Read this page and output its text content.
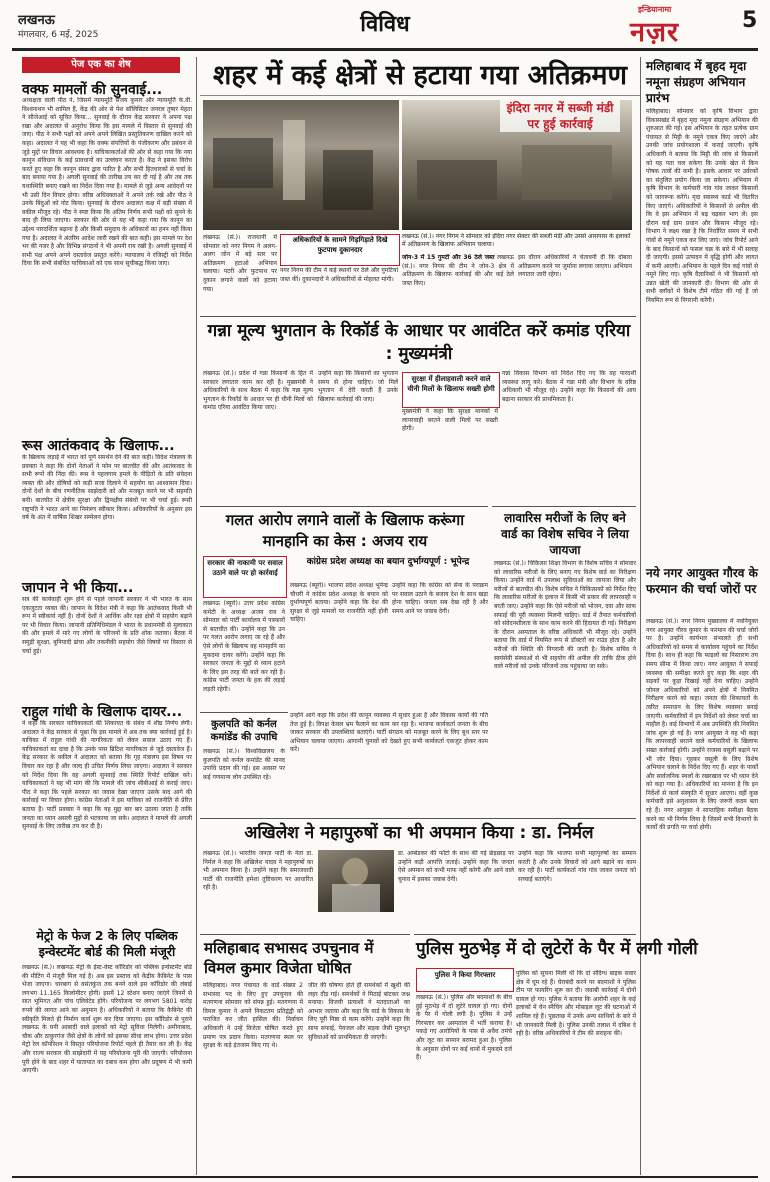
लखनऊ
मंगलवार, 6 मई, 2025	विविध
इन्डियानामा
नज़र	5
पेज एक का शेष
वक्फ मामलों की सुनवाई...
अध्यक्षता वाली पीठ ने, जिसमें न्यायमूर्ति संजय कुमार और न्यायमूर्ति के.वी. विश्वनाथन भी शामिल हैं, केंद्र की ओर से पेश सॉलिसिटर जनरल तुषार मेहता ने सीजेआई को सूचित किया... सुनवाई के दौरान केंद्र सरकार ने अपना पक्ष रखा और अदालत से अनुरोध किया कि इस मामले में विस्तार से सुनवाई की जाए। पीठ ने सभी पक्षों को अपने अपने लिखित प्रस्तुतिकरण दाखिल करने को कहा। अदालत ने यह भी कहा कि वक्फ संपत्तियों के पंजीकरण और प्रबंधन से जुड़े मुद्दों पर विचार आवश्यक है। याचिकाकर्ताओं की ओर से कहा गया कि नया कानून संविधान के कई प्रावधानों का उल्लंघन करता है। केंद्र ने इसका विरोध करते हुए कहा कि कानून संसद द्वारा पारित है और सभी हितधारकों से चर्चा के बाद बनाया गया है। अगली सुनवाई की तारीख तय कर दी गई है और तब तक यथास्थिति बनाए रखने का निर्देश दिया गया है। मामले से जुड़े अन्य आवेदनों पर भी उसी दिन विचार होगा। वरिष्ठ अधिवक्ताओं ने अपने तर्क रखे और पीठ ने उनके बिंदुओं को नोट किया। सुनवाई के दौरान अदालत कक्ष में बड़ी संख्या में वकील मौजूद रहे। पीठ ने स्पष्ट किया कि अंतिम निर्णय सभी पक्षों को सुनने के बाद ही लिया जाएगा। सरकार की ओर से यह भी कहा गया कि कानून का उद्देश्य पारदर्शिता बढ़ाना है और किसी समुदाय के अधिकारों का हनन नहीं किया गया है। अदालत ने अंतरिम आदेश जारी रखने की बात कही। इस मामले पर देश भर की नजर है और विभिन्न संगठनों ने भी अपनी राय रखी है। अगली सुनवाई में सभी पक्ष अपने अपने दस्तावेज प्रस्तुत करेंगे। न्यायालय ने रजिस्ट्री को निर्देश दिया कि सभी संबंधित याचिकाओं को एक साथ सूचीबद्ध किया जाए।
रूस आतंकवाद के खिलाफ...
के खिलाफ लड़ाई में भारत को पूर्ण समर्थन देने की बात कही। विदेश मंत्रालय के प्रवक्ता ने कहा कि दोनों नेताओं ने फोन पर बातचीत की और आतंकवाद के सभी रूपों की निंदा की। रूस ने पहलगाम हमले के पीड़ितों के प्रति संवेदना व्यक्त की और दोषियों को कड़ी सजा दिलाने में सहयोग का आश्वासन दिया। दोनों देशों के बीच रणनीतिक साझेदारी को और मजबूत करने पर भी सहमति बनी। बातचीत में क्षेत्रीय सुरक्षा और द्विपक्षीय संबंधों पर भी चर्चा हुई। रूसी राष्ट्रपति ने भारत आने का निमंत्रण स्वीकार किया। अधिकारियों के अनुसार इस वर्ष के अंत में वार्षिक शिखर सम्मेलन होगा।
जापान ने भी किया...
सत्र की कार्यवाही शुरू होने से पहले जापानी सरकार ने भी भारत के साथ एकजुटता व्यक्त की। जापान के विदेश मंत्री ने कहा कि आतंकवाद किसी भी रूप में स्वीकार्य नहीं है। दोनों देशों ने आर्थिक और रक्षा क्षेत्रों में सहयोग बढ़ाने पर भी विचार किया। जापानी प्रतिनिधिमंडल ने भारत के प्रधानमंत्री से मुलाकात की और हमले में मारे गए लोगों के परिजनों के प्रति शोक जताया। बैठक में समुद्री सुरक्षा, बुनियादी ढांचा और तकनीकी सहयोग जैसे विषयों पर विस्तार से चर्चा हुई।
राहुल गांधी के खिलाफ दायर...
ने कहा कि सरकार याचिकाकर्ता की शिकायत के संबंध में शीघ्र निर्णय लेगी। अदालत ने केंद्र सरकार से पूछा कि इस मामले में अब तक क्या कार्रवाई हुई है। याचिका में राहुल गांधी की नागरिकता को लेकर सवाल उठाए गए हैं। याचिकाकर्ता का दावा है कि उनके पास ब्रिटिश नागरिकता से जुड़े दस्तावेज हैं। केंद्र सरकार के वकील ने अदालत को बताया कि गृह मंत्रालय इस विषय पर विचार कर रहा है और जल्द ही उचित निर्णय लिया जाएगा। अदालत ने सरकार को निर्देश दिया कि वह अगली सुनवाई तक स्थिति रिपोर्ट दाखिल करे। याचिकाकर्ता ने यह भी मांग की कि मामले की जांच सीबीआई से कराई जाए। पीठ ने कहा कि पहले सरकार का जवाब देखा जाएगा उसके बाद आगे की कार्रवाई पर विचार होगा। कांग्रेस नेताओं ने इस याचिका को राजनीति से प्रेरित बताया है। पार्टी प्रवक्ता ने कहा कि यह मुद्दा बार बार उठाया जाता है ताकि जनता का ध्यान असली मुद्दों से भटकाया जा सके। अदालत ने मामले की अगली सुनवाई के लिए तारीख तय कर दी है।
मेट्रो के फेज 2 के लिए पब्लिक इन्वेस्टमेंट बोर्ड की मिली मंजूरी
लखनऊ (सं.)। लखनऊ मेट्रो के ईस्ट-वेस्ट कॉरिडोर को पब्लिक इन्वेस्टमेंट बोर्ड की मीटिंग में मंजूरी मिल गई है। अब इस प्रस्ताव को केंद्रीय कैबिनेट के पास भेजा जाएगा। चारबाग से वसंतकुंज तक बनने वाले इस कॉरिडोर की लंबाई लगभग 11.165 किलोमीटर होगी। इसमें 12 स्टेशन बनाए जाएंगे जिनमें से सात भूमिगत और पांच एलिवेटेड होंगे। परियोजना पर लगभग 5801 करोड़ रुपये की लागत आने का अनुमान है। अधिकारियों ने बताया कि कैबिनेट की स्वीकृति मिलते ही निर्माण कार्य शुरू कर दिया जाएगा। इस कॉरिडोर से पुराने लखनऊ के घनी आबादी वाले इलाकों को मेट्रो सुविधा मिलेगी। अमीनाबाद, चौक और ठाकुरगंज जैसे क्षेत्रों के लोगों को इसका सीधा लाभ होगा। उत्तर प्रदेश मेट्रो रेल कॉर्पोरेशन ने विस्तृत परियोजना रिपोर्ट पहले ही तैयार कर ली है। केंद्र और राज्य सरकार की साझेदारी में यह परियोजना पूरी की जाएगी। परियोजना पूरी होने के बाद शहर में यातायात का दबाव कम होगा और प्रदूषण में भी कमी आएगी।
शहर में कई क्षेत्रों से हटाया गया अतिक्रमण
इंदिरा नगर में सब्जी मंडी पर हुई कार्रवाई
लखनऊ (सं.)। नगर निगम ने सोमवार को इंदिरा नगर सेक्टर की सब्जी मंडी और उससे आसपास के इलाकों में अतिक्रमण के खिलाफ अभियान चलाया।
अधिकारियों के सामने गिड़गिड़ाते दिखे फुटपाथ दुकानदार
लखनऊ (सं.)। राजधानी में सोमवार को नगर निगम ने अलग-अलग जोन में बड़े स्तर पर अतिक्रमण हटाओ अभियान चलाया। पटरी और फुटपाथ पर दुकान लगाने वालों को हटाया गया।
नगर निगम की टीम ने कई स्थानों पर ठेले और गुमटियां जब्त कीं। दुकानदारों ने अधिकारियों से मोहलत मांगी।
जोन-3 में 15 गुमटी और 36 ठेले जब्त लखनऊ (सं.)। नगर निगम की टीम ने जोन-3 क्षेत्र में अतिक्रमण के खिलाफ कार्रवाई की और कई ठेले जब्त किए।
इस दौरान अधिकारियों ने चेतावनी दी कि दोबारा अतिक्रमण करने पर जुर्माना लगाया जाएगा। अभियान लगातार जारी रहेगा।
मलिहाबाद में बृहद मृदा नमूना संग्रहण अभियान प्रारंभ
मलिहाबाद। सोमवार को कृषि विभाग द्वारा विकासखंड में बृहद मृदा नमूना संग्रहण अभियान की शुरुआत की गई। इस अभियान के तहत प्रत्येक ग्राम पंचायत से मिट्टी के नमूने एकत्र किए जाएंगे और उनकी जांच प्रयोगशाला में कराई जाएगी। कृषि अधिकारी ने बताया कि मिट्टी की जांच से किसानों को यह पता चल सकेगा कि उनके खेत में किन पोषक तत्वों की कमी है। इसके आधार पर उर्वरकों का संतुलित प्रयोग किया जा सकेगा। अभियान में कृषि विभाग के कर्मचारी गांव गांव जाकर किसानों को जागरूक करेंगे। मृदा स्वास्थ्य कार्ड भी वितरित किए जाएंगे। अधिकारियों ने किसानों से अपील की कि वे इस अभियान में बढ़ चढ़कर भाग लें। इस दौरान कई ग्राम प्रधान और किसान मौजूद रहे। विभाग ने लक्ष्य रखा है कि निर्धारित समय में सभी गांवों से नमूने एकत्र कर लिए जाएं। जांच रिपोर्ट आने के बाद किसानों को फसल चक्र के बारे में भी सलाह दी जाएगी। इससे उत्पादन में वृद्धि होगी और लागत में कमी आएगी। अभियान के पहले दिन कई गांवों से नमूने लिए गए। कृषि वैज्ञानिकों ने भी किसानों को उन्नत खेती की जानकारी दी। विभाग की ओर से सभी ब्लॉकों में विशेष टीमें गठित की गई हैं जो नियमित रूप से निगरानी करेंगी।
नये नगर आयुक्त गौरव के फरमान की चर्चा जोरों पर
लखनऊ (सं.)। नगर निगम मुख्यालय में नवनियुक्त नगर आयुक्त गौरव कुमार के फरमान की चर्चा जोरों पर है। उन्होंने कार्यभार संभालते ही सभी अधिकारियों को समय से कार्यालय पहुंचने का निर्देश दिया है। साथ ही कहा कि फाइलों का निस्तारण तय समय सीमा में किया जाए। नगर आयुक्त ने सफाई व्यवस्था की समीक्षा करते हुए कहा कि शहर की सड़कों पर कूड़ा दिखाई नहीं देना चाहिए। उन्होंने जोनल अधिकारियों को अपने क्षेत्रों में नियमित निरीक्षण करने को कहा। जनता की शिकायतों के त्वरित समाधान के लिए विशेष व्यवस्था बनाई जाएगी। कर्मचारियों में इन निर्देशों को लेकर चर्चा का माहौल है। कई विभागों में अब उपस्थिति की नियमित जांच शुरू हो गई है। नगर आयुक्त ने यह भी कहा कि लापरवाही बरतने वाले कर्मचारियों के खिलाफ सख्त कार्रवाई होगी। उन्होंने राजस्व वसूली बढ़ाने पर भी जोर दिया। गृहकर वसूली के लिए विशेष अभियान चलाने के निर्देश दिए गए हैं। शहर के पार्कों और सार्वजनिक स्थलों के रखरखाव पर भी ध्यान देने को कहा गया है। अधिकारियों का मानना है कि इन निर्देशों से कार्य संस्कृति में सुधार आएगा। वहीं कुछ कर्मचारी इसे अनुशासन के लिए जरूरी कदम बता रहे हैं। नगर आयुक्त ने साप्ताहिक समीक्षा बैठक करने का भी निर्णय लिया है जिसमें सभी विभागों के कार्यों की प्रगति पर चर्चा होगी।
गन्ना मूल्य भुगतान के रिकॉर्ड के आधार पर आवंटित करें कमांड एरिया : मुख्यमंत्री
लखनऊ (सं.)। प्रदेश में गन्ना किसानों के हित में सरकार लगातार काम कर रही है। मुख्यमंत्री ने अधिकारियों के साथ बैठक में कहा कि गन्ना मूल्य भुगतान के रिकॉर्ड के आधार पर ही चीनी मिलों को कमांड एरिया आवंटित किया जाए।
उन्होंने कहा कि किसानों का भुगतान समय से होना चाहिए। जो मिलें भुगतान में देरी करती हैं उनके खिलाफ कार्रवाई की जाए।
सुरक्षा में हीलाहवाली करने वाले चीनी मिलों के खिलाफ सख्ती होगी
मुख्यमंत्री ने कहा कि सुरक्षा मानकों में लापरवाही बरतने वाली मिलों पर सख्ती होगी।
गन्ना विकास विभाग को निर्देश दिए गए कि वह पारदर्शी व्यवस्था लागू करे। बैठक में गन्ना मंत्री और विभाग के वरिष्ठ अधिकारी भी मौजूद रहे। उन्होंने कहा कि किसानों की आय बढ़ाना सरकार की प्राथमिकता है।
गलत आरोप लगाने वालों के खिलाफ करूंगा मानहानि का केस : अजय राय
सरकार की नाकामी पर सवाल उठाने वाले पर हो कार्रवाई
कांग्रेस प्रदेश अध्यक्ष का बयान दुर्भाग्यपूर्ण : भूपेन्द्र
लखनऊ (ब्यूरो)। उत्तर प्रदेश कांग्रेस कमेटी के अध्यक्ष अजय राय ने सोमवार को पार्टी कार्यालय में पत्रकारों से बातचीत की। उन्होंने कहा कि उन पर गलत आरोप लगाए जा रहे हैं और ऐसे लोगों के खिलाफ वह मानहानि का मुकदमा दायर करेंगे। उन्होंने कहा कि सरकार जनता के मुद्दों से ध्यान हटाने के लिए इस तरह की बातें कर रही है। कांग्रेस पार्टी जनता के हक की लड़ाई लड़ती रहेगी।
लखनऊ (ब्यूरो)। भाजपा प्रदेश अध्यक्ष भूपेन्द्र चौधरी ने कांग्रेस प्रदेश अध्यक्ष के बयान को दुर्भाग्यपूर्ण बताया। उन्होंने कहा कि देश की सुरक्षा से जुड़े मामलों पर राजनीति नहीं होनी चाहिए।
उन्होंने कहा कि कांग्रेस को सेना के पराक्रम पर सवाल उठाने के बजाय देश के साथ खड़ा होना चाहिए। जनता सब देख रही है और समय आने पर जवाब देगी।
कुलपति को कर्नल कमांडेंड की उपाधि
लखनऊ (सं.)। विश्वविद्यालय के कुलपति को कर्नल कमांडेंट की मानद उपाधि प्रदान की गई। इस अवसर पर कई गणमान्य लोग उपस्थित रहे।
उन्होंने आगे कहा कि प्रदेश की कानून व्यवस्था में सुधार हुआ है और विकास कार्यों की गति तेज हुई है। विपक्ष केवल भ्रम फैलाने का काम कर रहा है। भाजपा कार्यकर्ता जनता के बीच जाकर सरकार की उपलब्धियां बताएंगे। पार्टी संगठन को मजबूत करने के लिए बूथ स्तर पर अभियान चलाया जाएगा। आगामी चुनावों को देखते हुए सभी कार्यकर्ता एकजुट होकर काम करें।
लावारिस मरीजों के लिए बने वार्ड का विशेष सचिव ने लिया जायजा
लखनऊ (सं.)। चिकित्सा शिक्षा विभाग के विशेष सचिव ने सोमवार को लावारिस मरीजों के लिए बनाए गए विशेष वार्ड का निरीक्षण किया। उन्होंने वार्ड में उपलब्ध सुविधाओं का जायजा लिया और मरीजों से बातचीत की। विशेष सचिव ने चिकित्सकों को निर्देश दिए कि लावारिस मरीजों के इलाज में किसी भी प्रकार की लापरवाही न बरती जाए। उन्होंने कहा कि ऐसे मरीजों को भोजन, दवा और साफ सफाई की पूरी व्यवस्था मिलनी चाहिए। वार्ड में तैनात कर्मचारियों को संवेदनशीलता के साथ काम करने की हिदायत दी गई। निरीक्षण के दौरान अस्पताल के वरिष्ठ अधिकारी भी मौजूद रहे। उन्होंने बताया कि वार्ड में नियमित रूप से डॉक्टरों का राउंड होता है और मरीजों की स्थिति की निगरानी की जाती है। विशेष सचिव ने स्वयंसेवी संस्थाओं से भी सहयोग की अपील की ताकि ठीक होने वाले मरीजों को उनके परिजनों तक पहुंचाया जा सके।
अखिलेश ने महापुरुषों का भी अपमान किया : डा. निर्मल
लखनऊ (सं.)। भारतीय जनता पार्टी के नेता डा. निर्मल ने कहा कि अखिलेश यादव ने महापुरुषों का भी अपमान किया है। उन्होंने कहा कि समाजवादी पार्टी की राजनीति हमेशा तुष्टिकरण पर आधारित रही है।
डा. अम्बेडकर की फोटो के साथ की गई छेड़छाड़ पर उन्होंने कड़ी आपत्ति जताई। उन्होंने कहा कि जनता ऐसे अपमान को कभी माफ नहीं करेगी और आने वाले चुनाव में इसका जवाब देगी।
उन्होंने कहा कि भाजपा सभी महापुरुषों का सम्मान करती है और उनके विचारों को आगे बढ़ाने का काम कर रही है। पार्टी कार्यकर्ता गांव गांव जाकर जनता को सच्चाई बताएंगे।
मलिहाबाद सभासद उपचुनाव में विमल कुमार विजेता घोषित
मलिहाबाद। नगर पंचायत के वार्ड संख्या 2 सभासद पद के लिए हुए उपचुनाव की मतगणना सोमवार को संपन्न हुई। मतगणना में विमल कुमार ने अपने निकटतम प्रतिद्वंद्वी को पराजित कर जीत हासिल की। निर्वाचन अधिकारी ने उन्हें विजेता घोषित करते हुए प्रमाण पत्र प्रदान किया। मतगणना स्थल पर सुरक्षा के कड़े इंतजाम किए गए थे।
जीत की घोषणा होते ही समर्थकों में खुशी की लहर दौड़ गई। समर्थकों ने मिठाई बांटकर जश्न मनाया। विजयी प्रत्याशी ने मतदाताओं का आभार जताया और कहा कि वार्ड के विकास के लिए पूरी निष्ठा से काम करेंगे। उन्होंने कहा कि साफ सफाई, पेयजल और सड़क जैसी मूलभूत सुविधाओं को प्राथमिकता दी जाएगी।
पुलिस मुठभेड़ में दो लुटेरों के पैर में लगी गोली
पुलिस ने किया गिरफ्तार
लखनऊ (सं.)। पुलिस और बदमाशों के बीच हुई मुठभेड़ में दो लुटेरे घायल हो गए। दोनों के पैर में गोली लगी है। पुलिस ने उन्हें गिरफ्तार कर अस्पताल में भर्ती कराया है। पकड़े गए आरोपियों के पास से अवैध तमंचे और लूट का सामान बरामद हुआ है। पुलिस के अनुसार दोनों पर कई थानों में मुकदमे दर्ज हैं।
पुलिस को सूचना मिली थी कि दो संदिग्ध बाइक सवार क्षेत्र में घूम रहे हैं। घेराबंदी करने पर बदमाशों ने पुलिस टीम पर फायरिंग शुरू कर दी। जवाबी कार्रवाई में दोनों घायल हो गए। पुलिस ने बताया कि आरोपी शहर के कई इलाकों में चेन स्नैचिंग और मोबाइल लूट की घटनाओं में शामिल रहे हैं। पूछताछ में उनके अन्य साथियों के बारे में भी जानकारी मिली है। पुलिस उनकी तलाश में दबिश दे रही है। वरिष्ठ अधिकारियों ने टीम की सराहना की।
